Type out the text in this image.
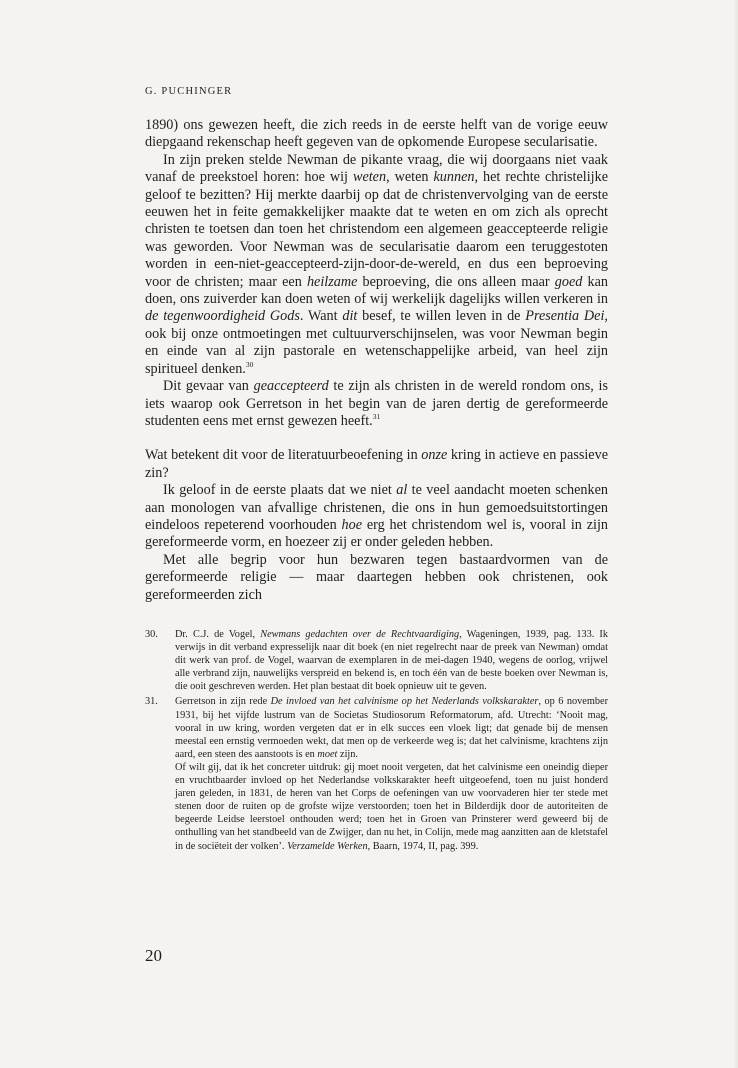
G. PUCHINGER

1890) ons gewezen heeft, die zich reeds in de eerste helft van de vorige eeuw diepgaand rekenschap heeft gegeven van de opkomende Europese secularisatie.

In zijn preken stelde Newman de pikante vraag, die wij doorgaans niet vaak vanaf de preekstoel horen: hoe wij weten, weten kunnen, het rechte christelijke geloof te bezitten? Hij merkte daarbij op dat de christenvervolging van de eerste eeuwen het in feite gemakkelijker maakte dat te weten en om zich als oprecht christen te toetsen dan toen het christendom een algemeen geaccepteerde religie was geworden. Voor Newman was de secularisatie daarom een teruggestoten worden in een-niet-geaccepteerd-zijn-door-de-wereld, en dus een beproeving voor de christen; maar een heilzame beproeving, die ons alleen maar goed kan doen, ons zuiverder kan doen weten of wij werkelijk dagelijks willen verkeren in de tegenwoordigheid Gods. Want dit besef, te willen leven in de Presentia Dei, ook bij onze ontmoetingen met cultuurverschijnselen, was voor Newman begin en einde van al zijn pastorale en wetenschappelijke arbeid, van heel zijn spiritueel denken.$^{30}$

Dit gevaar van geaccepteerd te zijn als christen in de wereld rondom ons, is iets waarop ook Gerretson in het begin van de jaren dertig de gereformeerde studenten eens met ernst gewezen heeft.$^{31}$

Wat betekent dit voor de literatuurbeoefening in onze kring in actieve en passieve zin?

Ik geloof in de eerste plaats dat we niet al te veel aandacht moeten schenken aan monologen van afvallige christenen, die ons in hun gemoedsuitstortingen eindeloos repeterend voorhouden hoe erg het christendom wel is, vooral in zijn gereformeerde vorm, en hoezeer zij er onder geleden hebben.

Met alle begrip voor hun bezwaren tegen bastaardvormen van de gereformeerde religie — maar daartegen hebben ook christenen, ook gereformeerden zich

30. Dr. C.J. de Vogel, Newmans gedachten over de Rechtvaardiging, Wageningen, 1939, pag. 133. Ik verwijs in dit verband expresselijk naar dit boek (en niet regelrecht naar de preek van Newman) omdat dit werk van prof. de Vogel, waarvan de exemplaren in de mei-dagen 1940, wegens de oorlog, vrijwel alle verbrand zijn, nauwelijks verspreid en bekend is, en toch één van de beste boeken over Newman is, die ooit geschreven werden. Het plan bestaat dit boek opnieuw uit te geven.

31. Gerretson in zijn rede De invloed van het calvinisme op het Nederlands volkskarakter, op 6 november 1931, bij het vijfde lustrum van de Societas Studiosorum Reformatorum, afd. Utrecht: ‘Nooit mag, vooral in uw kring, worden vergeten dat er in elk succes een vloek ligt; dat genade bij de mensen meestal een ernstig vermoeden wekt, dat men op de verkeerde weg is; dat het calvinisme, krachtens zijn aard, een steen des aanstoots is en moet zijn.

Of wilt gij, dat ik het concreter uitdruk: gij moet nooit vergeten, dat het calvinisme een oneindig dieper en vruchtbaarder invloed op het Nederlandse volkskarakter heeft uitgeoefend, toen nu juist honderd jaren geleden, in 1831, de heren van het Corps de oefeningen van uw voorvaderen hier ter stede met stenen door de ruiten op de grofste wijze verstoorden; toen het in Bilderdijk door de autoriteiten de begeerde Leidse leerstoel onthouden werd; toen het in Groen van Prinsterer werd geweerd bij de onthulling van het standbeeld van de Zwijger, dan nu het, in Colijn, mede mag aanzitten aan de kletstafel in de sociëteit der volken’. Verzamelde Werken, Baarn, 1974, II, pag. 399.

20
